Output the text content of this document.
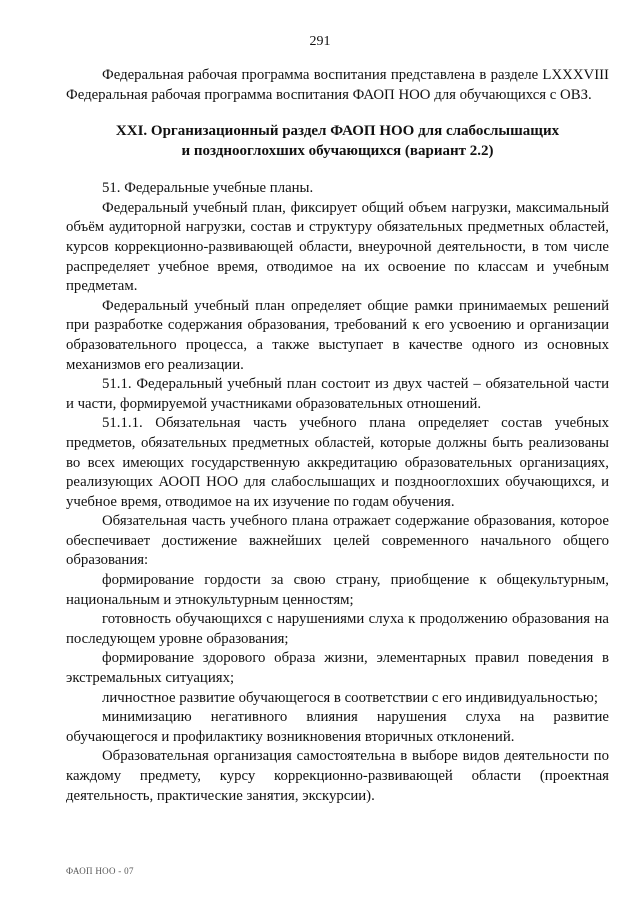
291

Федеральная рабочая программа воспитания представлена в разделе LXXXVIII Федеральная рабочая программа воспитания ФАОП НОО для обучающихся с ОВЗ.

XXI. Организационный раздел ФАОП НОО для слабослышащих
и позднооглохших обучающихся (вариант 2.2)

51. Федеральные учебные планы.

Федеральный учебный план, фиксирует общий объем нагрузки, максимальный объём аудиторной нагрузки, состав и структуру обязательных предметных областей, курсов коррекционно-развивающей области, внеурочной деятельности, в том числе распределяет учебное время, отводимое на их освоение по классам и учебным предметам.

Федеральный учебный план определяет общие рамки принимаемых решений при разработке содержания образования, требований к его усвоению и организации образовательного процесса, а также выступает в качестве одного из основных механизмов его реализации.

51.1. Федеральный учебный план состоит из двух частей – обязательной части и части, формируемой участниками образовательных отношений.

51.1.1. Обязательная часть учебного плана определяет состав учебных предметов, обязательных предметных областей, которые должны быть реализованы во всех имеющих государственную аккредитацию образовательных организациях, реализующих АООП НОО для слабослышащих и позднооглохших обучающихся, и учебное время, отводимое на их изучение по годам обучения.

Обязательная часть учебного плана отражает содержание образования, которое обеспечивает достижение важнейших целей современного начального общего образования:

формирование гордости за свою страну, приобщение к общекультурным, национальным и этнокультурным ценностям;

готовность обучающихся с нарушениями слуха к продолжению образования на последующем уровне образования;

формирование здорового образа жизни, элементарных правил поведения в экстремальных ситуациях;

личностное развитие обучающегося в соответствии с его индивидуальностью;

минимизацию негативного влияния нарушения слуха на развитие обучающегося и профилактику возникновения вторичных отклонений.

Образовательная организация самостоятельна в выборе видов деятельности по каждому предмету, курсу коррекционно-развивающей области (проектная деятельность, практические занятия, экскурсии).

ФАОП НОО - 07
